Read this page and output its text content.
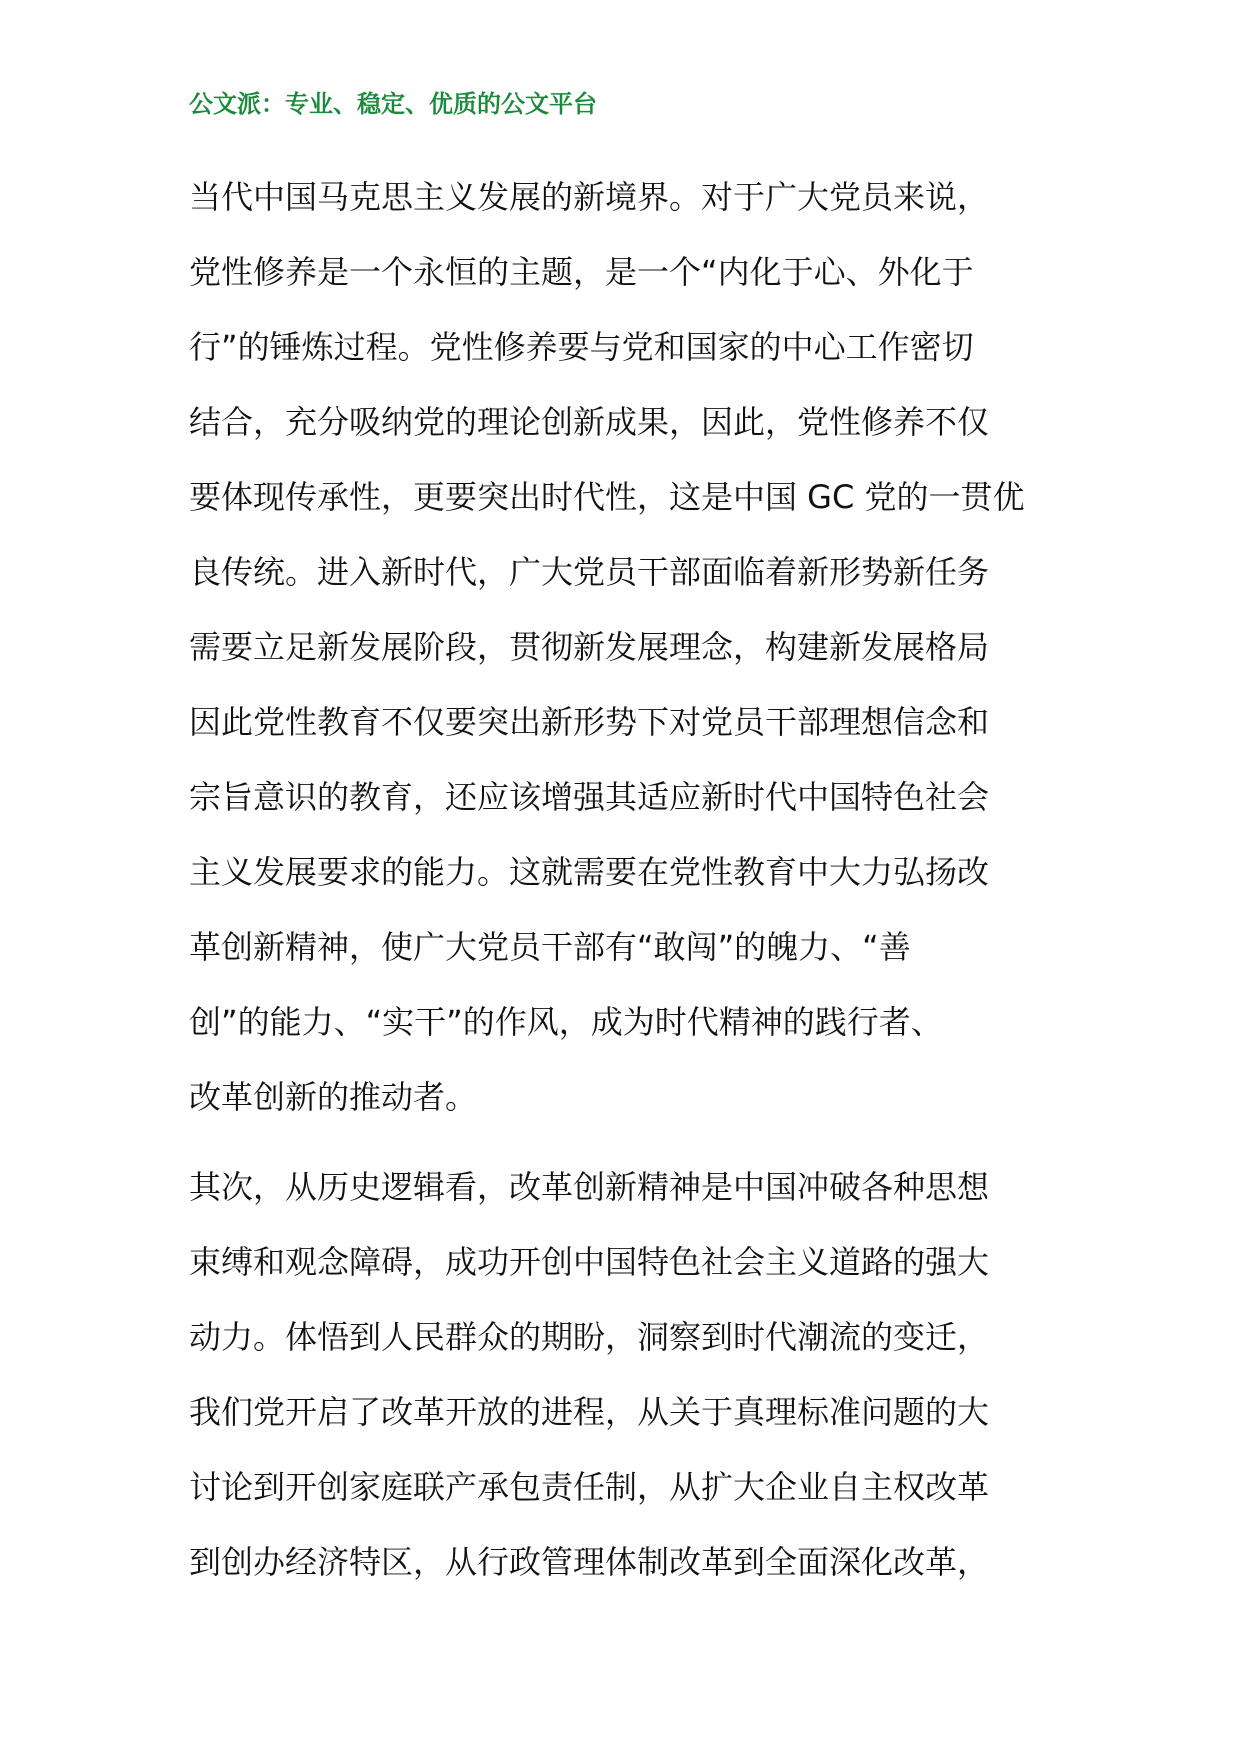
公文派：专业、稳定、优质的公文平台
当代中国马克思主义发展的新境界。对于广大党员来说，
党性修养是一个永恒的主题，是一个“内化于心、外化于
行”的锤炼过程。党性修养要与党和国家的中心工作密切
结合，充分吸纳党的理论创新成果，因此，党性修养不仅
要体现传承性，更要突出时代性，这是中国 GC 党的一贯优
良传统。进入新时代，广大党员干部面临着新形势新任务
需要立足新发展阶段，贯彻新发展理念，构建新发展格局
因此党性教育不仅要突出新形势下对党员干部理想信念和
宗旨意识的教育，还应该增强其适应新时代中国特色社会
主义发展要求的能力。这就需要在党性教育中大力弘扬改
革创新精神，使广大党员干部有“敢闯”的魄力、“善
创”的能力、“实干”的作风，成为时代精神的践行者、
改革创新的推动者。
其次，从历史逻辑看，改革创新精神是中国冲破各种思想
束缚和观念障碍，成功开创中国特色社会主义道路的强大
动力。体悟到人民群众的期盼，洞察到时代潮流的变迁，
我们党开启了改革开放的进程，从关于真理标准问题的大
讨论到开创家庭联产承包责任制，从扩大企业自主权改革
到创办经济特区，从行政管理体制改革到全面深化改革，
